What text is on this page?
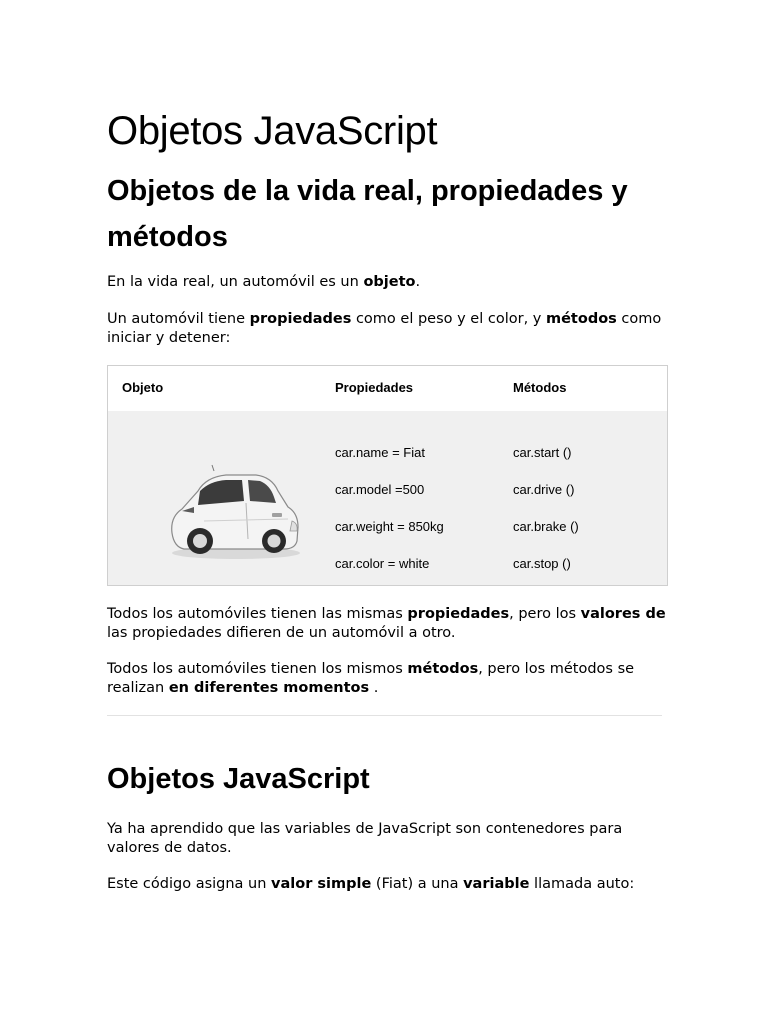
Objetos JavaScript
Objetos de la vida real, propiedades y métodos

En la vida real, un automóvil es un objeto.

Un automóvil tiene propiedades como el peso y el color, y métodos como iniciar y detener:

Objeto	Propiedades	Métodos
car.name = Fiat
car.model =500
car.weight = 850kg
car.color = white
car.start ()
car.drive ()
car.brake ()
car.stop ()

Todos los automóviles tienen las mismas propiedades, pero los valores de las propiedades difieren de un automóvil a otro.

Todos los automóviles tienen los mismos métodos, pero los métodos se realizan en diferentes momentos .

Objetos JavaScript

Ya ha aprendido que las variables de JavaScript son contenedores para valores de datos.

Este código asigna un valor simple (Fiat) a una variable llamada auto:
